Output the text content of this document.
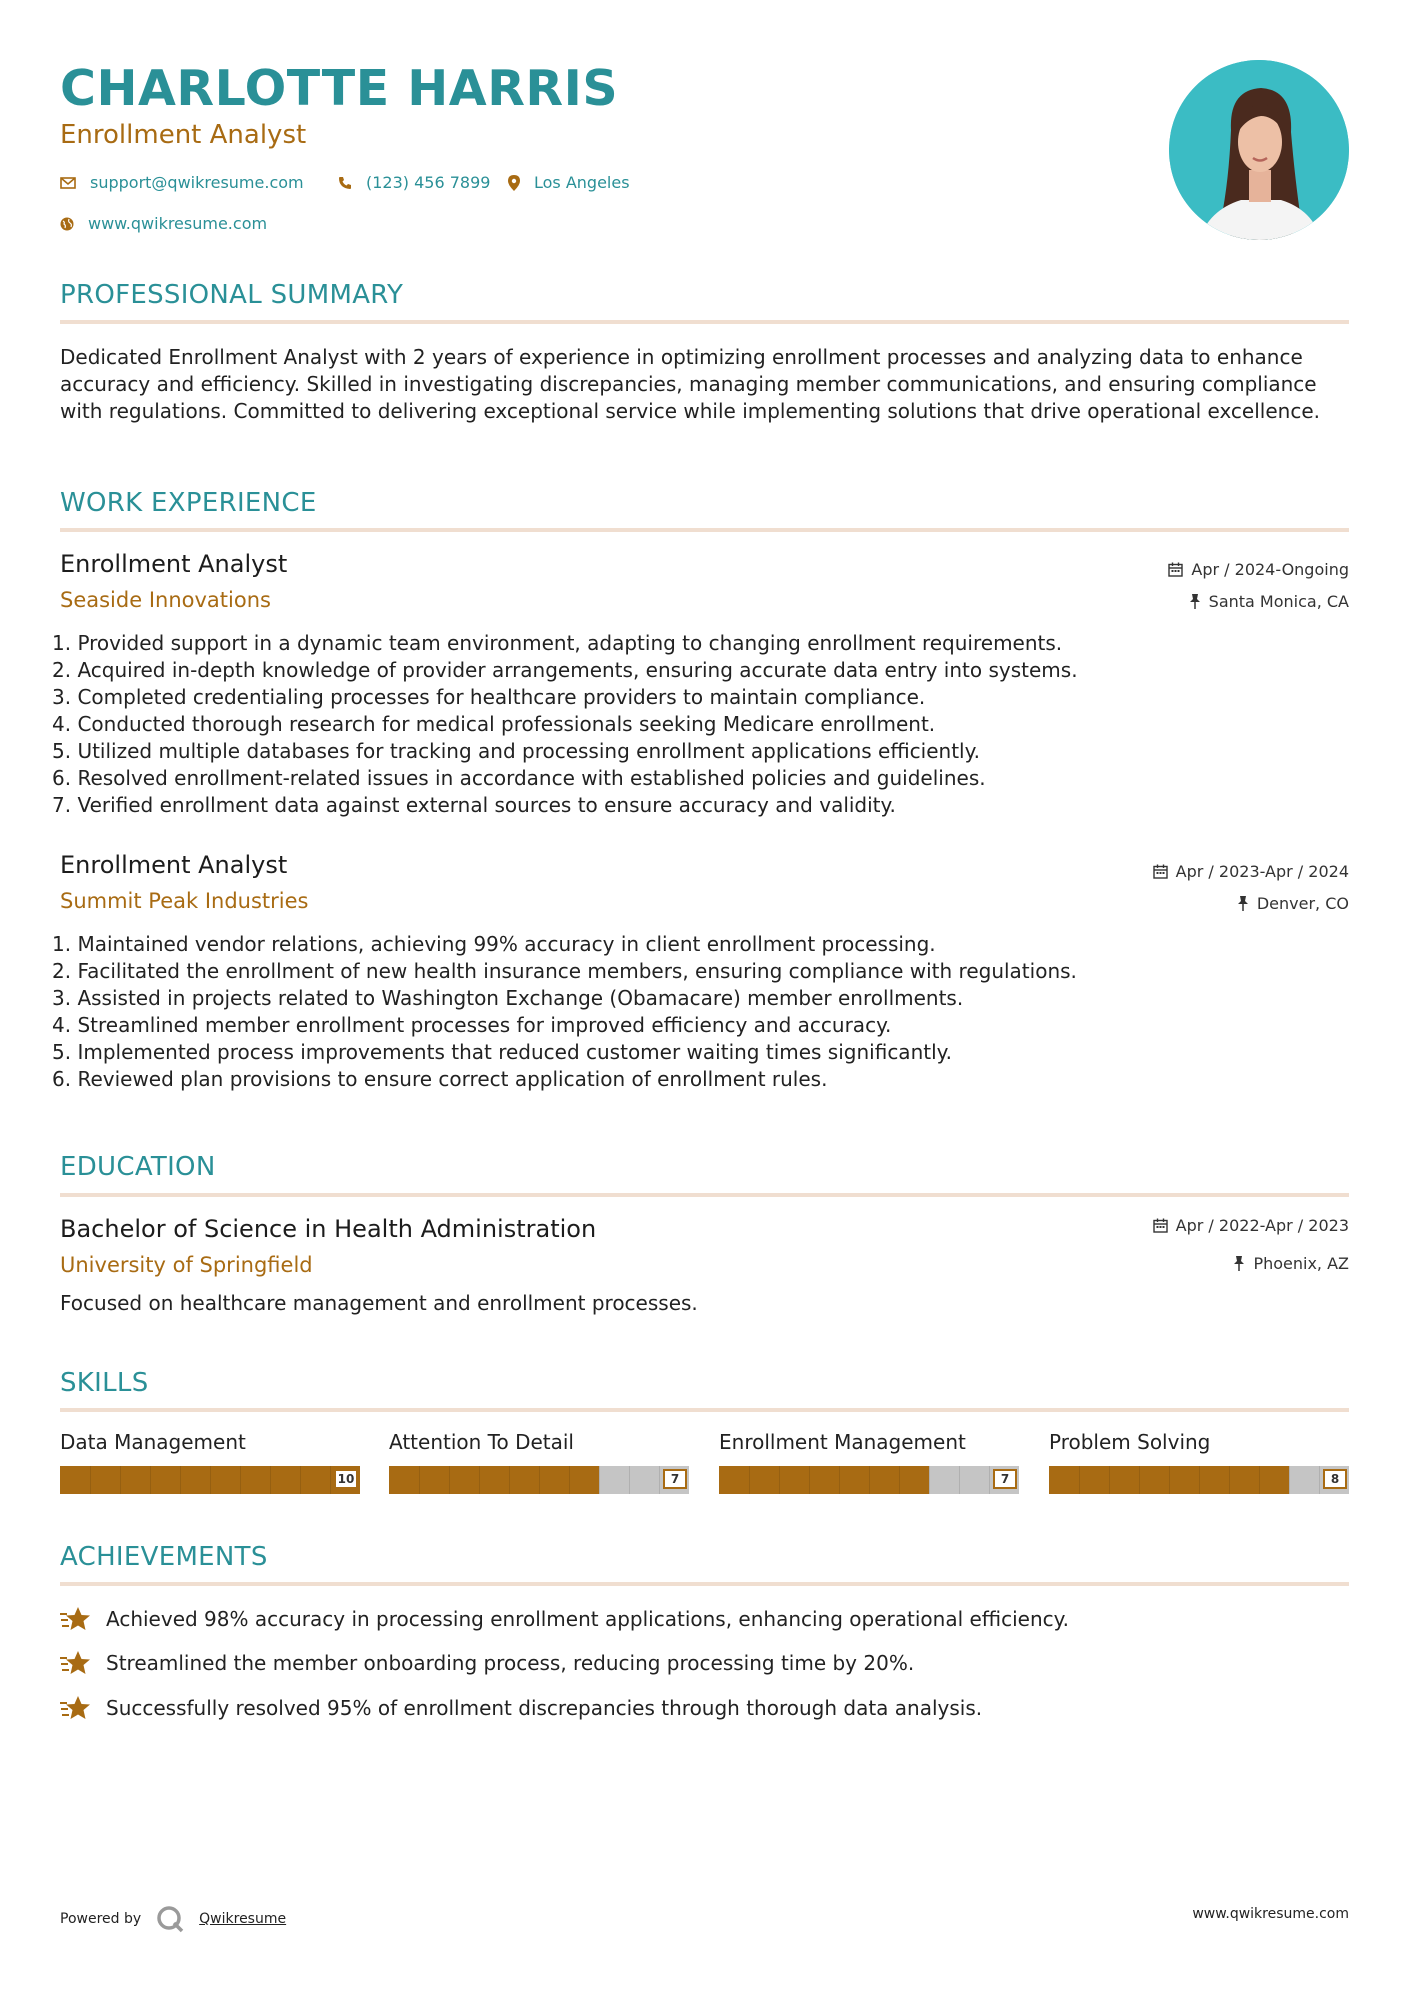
CHARLOTTE HARRIS
Enrollment Analyst
support@qwikresume.com	(123) 456 7899	Los Angeles
www.qwikresume.com
PROFESSIONAL SUMMARY
Dedicated Enrollment Analyst with 2 years of experience in optimizing enrollment processes and analyzing data to enhance accuracy and efficiency. Skilled in investigating discrepancies, managing member communications, and ensuring compliance with regulations. Committed to delivering exceptional service while implementing solutions that drive operational excellence.
WORK EXPERIENCE
Enrollment Analyst
Seaside Innovations
Apr / 2024-Ongoing
Santa Monica, CA
1. Provided support in a dynamic team environment, adapting to changing enrollment requirements.
2. Acquired in-depth knowledge of provider arrangements, ensuring accurate data entry into systems.
3. Completed credentialing processes for healthcare providers to maintain compliance.
4. Conducted thorough research for medical professionals seeking Medicare enrollment.
5. Utilized multiple databases for tracking and processing enrollment applications efficiently.
6. Resolved enrollment-related issues in accordance with established policies and guidelines.
7. Verified enrollment data against external sources to ensure accuracy and validity.
Enrollment Analyst
Summit Peak Industries
Apr / 2023-Apr / 2024
Denver, CO
1. Maintained vendor relations, achieving 99% accuracy in client enrollment processing.
2. Facilitated the enrollment of new health insurance members, ensuring compliance with regulations.
3. Assisted in projects related to Washington Exchange (Obamacare) member enrollments.
4. Streamlined member enrollment processes for improved efficiency and accuracy.
5. Implemented process improvements that reduced customer waiting times significantly.
6. Reviewed plan provisions to ensure correct application of enrollment rules.
EDUCATION
Bachelor of Science in Health Administration
University of Springfield
Apr / 2022-Apr / 2023
Phoenix, AZ
Focused on healthcare management and enrollment processes.
SKILLS
Data Management
10
Attention To Detail
7
Enrollment Management
7
Problem Solving
8
ACHIEVEMENTS
Achieved 98% accuracy in processing enrollment applications, enhancing operational efficiency.
Streamlined the member onboarding process, reducing processing time by 20%.
Successfully resolved 95% of enrollment discrepancies through thorough data analysis.
Powered by	Qwikresume	www.qwikresume.com
